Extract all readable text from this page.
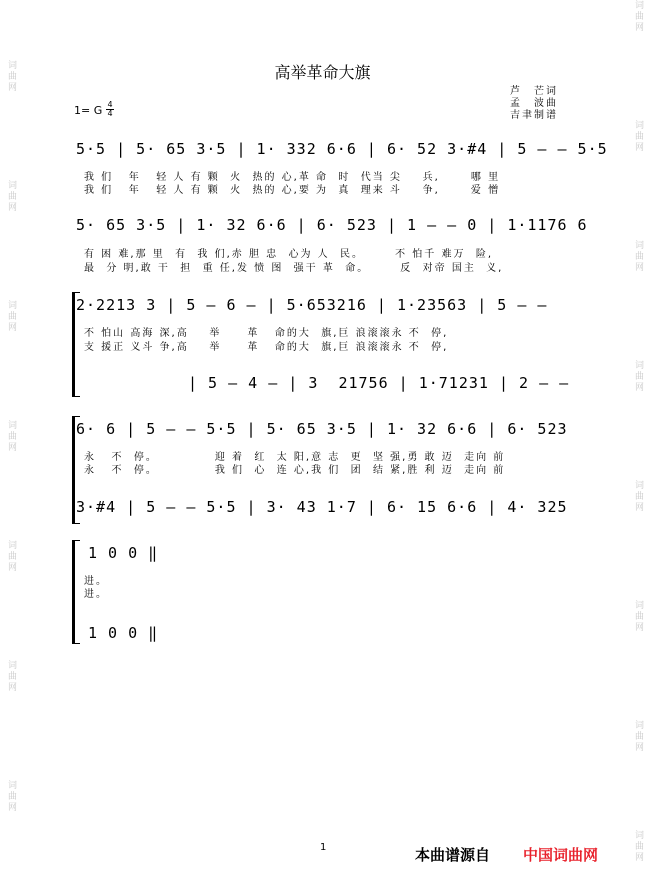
词曲网
词曲网
词曲网
词曲网
词曲网
词曲网
词曲网
词曲网
词曲网
词曲网
词曲网
词曲网
词曲网
词曲网
词曲网
高举革命大旗
芦　芒词
孟　波曲
吉聿制谱
1= G 4
4
5·5 | 5· 65 3·5 | 1· 332 6·6 | 6· 52 3·#4 | 5 — — 5·5
我 们   年   轻 人 有 颗  火  热的 心,革 命  时  代当 尖    兵,      哪 里
我 们   年   轻 人 有 颗  火  热的 心,要 为  真  理来 斗    争,      爱 憎
5· 65 3·5 | 1· 32 6·6 | 6· 523 | 1 — — 0 | 1·1176 6
有 困 难,那 里  有  我 们,赤 胆 忠  心为 人  民。      不 怕千 难万  险,
最  分 明,敢 干  担  重 任,发 愤 图  强干 革  命。      反  对帝 国主  义,
2·2213 3 | 5 — 6 — | 5·653216 | 1·23563 | 5 — —
不 怕山 高海 深,高    举     革   命的大  旗,巨 浪滚滚永 不  停,
支 援正 义斗 争,高    举     革   命的大  旗,巨 浪滚滚永 不  停,
| 5 — 4 — | 3  21756 | 1·71231 | 2 — —
6· 6 | 5 — — 5·5 | 5· 65 3·5 | 1· 32 6·6 | 6· 523
永   不  停。           迎 着  红  太 阳,意 志  更  坚 强,勇 敢 迈  走向 前
永   不  停。           我 们  心  连 心,我 们  团  结 紧,胜 利 迈  走向 前
3·#4 | 5 — — 5·5 | 3· 43 1·7 | 6· 15 6·6 | 4· 325
1 0 0 ‖
进。
进。
1 0 0 ‖
1	本曲谱源自 中国词曲网
